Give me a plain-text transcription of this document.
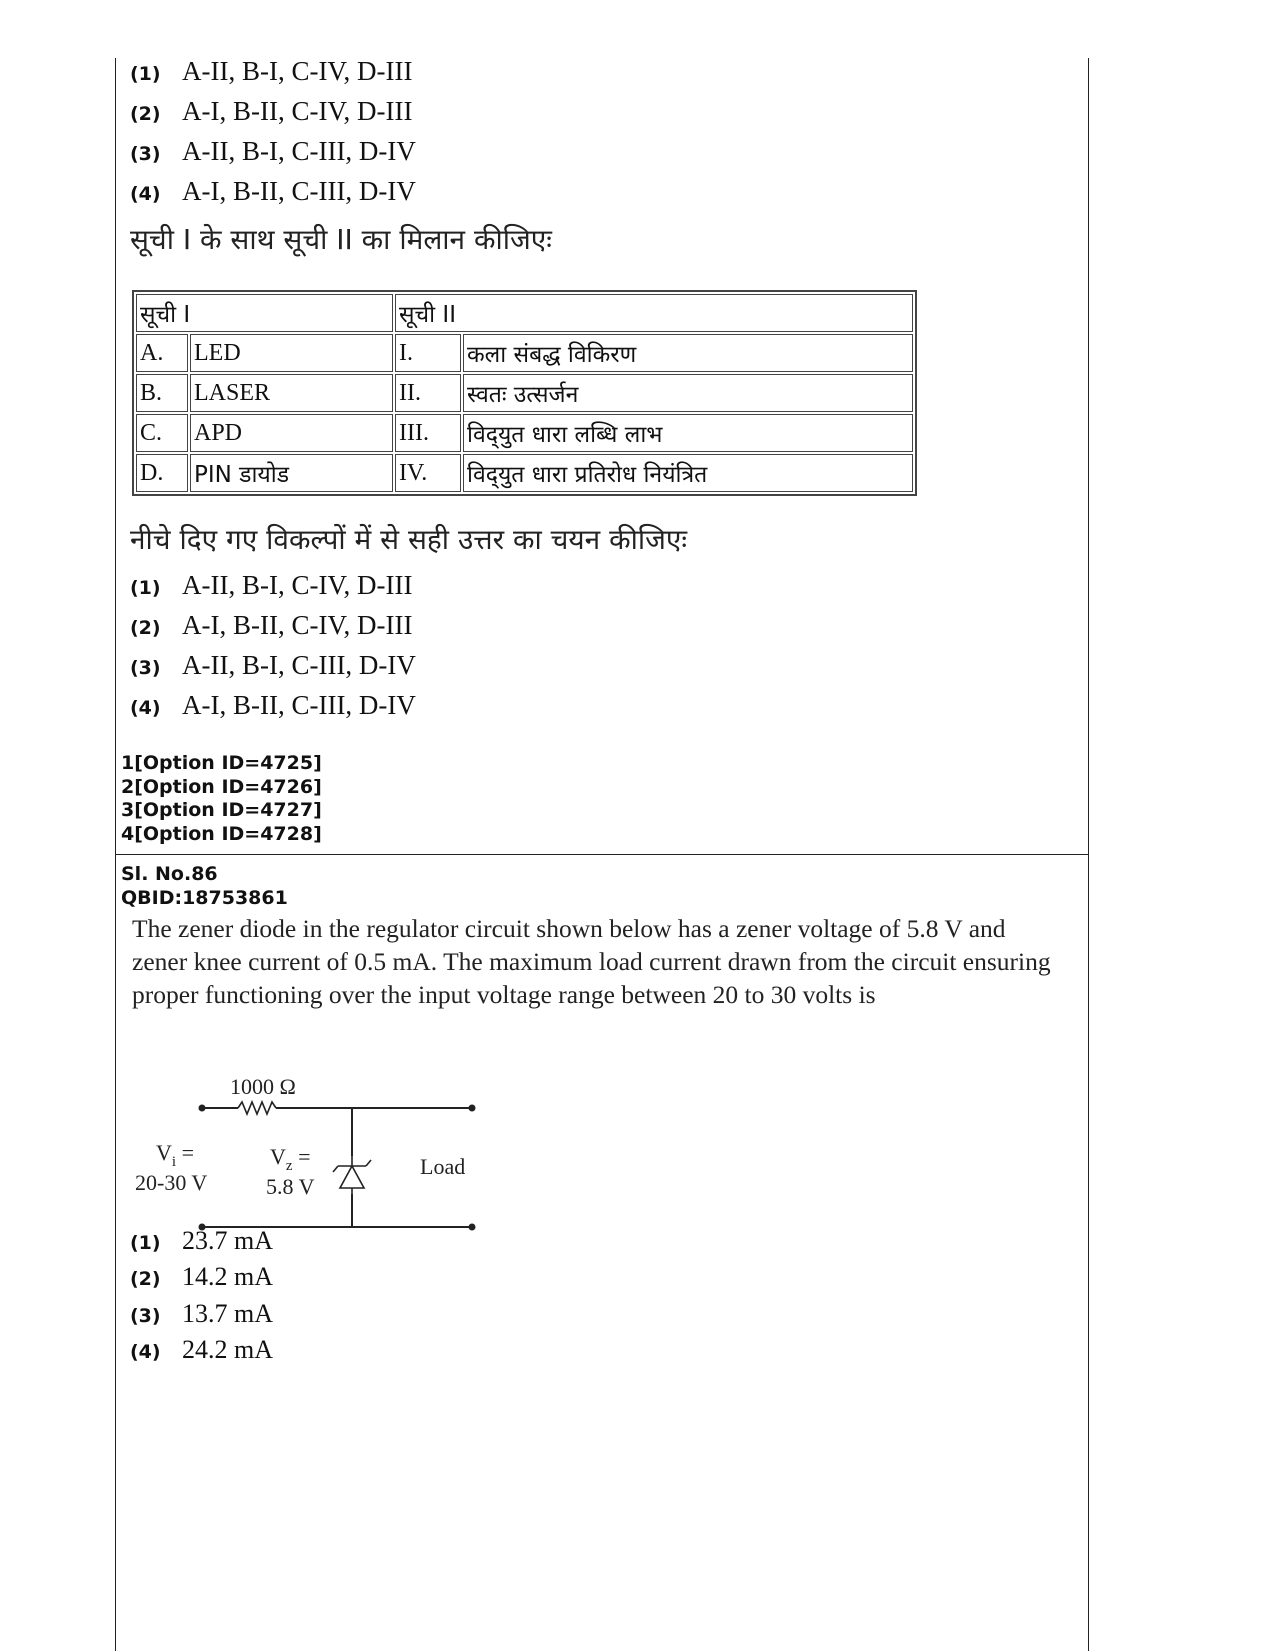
(1) A-II, B-I, C-IV, D-III
(2) A-I, B-II, C-IV, D-III
(3) A-II, B-I, C-III, D-IV
(4) A-I, B-II, C-III, D-IV
सूची I के साथ सूची II का मिलान कीजिएः
सूची I		सूची II	
A.	LED	I.	कला संबद्ध विकिरण
B.	LASER	II.	स्वतः उत्सर्जन
C.	APD	III.	विद्‌युत धारा लब्धि लाभ
D.	PIN डायोड	IV.	विद्‌युत धारा प्रतिरोध नियंत्रित
नीचे दिए गए विकल्पों में से सही उत्तर का चयन कीजिएः
(1) A-II, B-I, C-IV, D-III
(2) A-I, B-II, C-IV, D-III
(3) A-II, B-I, C-III, D-IV
(4) A-I, B-II, C-III, D-IV
1[Option ID=4725]
2[Option ID=4726]
3[Option ID=4727]
4[Option ID=4728]
Sl. No.86
QBID:18753861
The zener diode in the regulator circuit shown below has a zener voltage of 5.8 V and zener knee current of 0.5 mA. The maximum load current drawn from the circuit ensuring proper functioning over the input voltage range between 20 to 30 volts is
1000 Ω
$V_i$ =
20-30 V
$V_z$ =
5.8 V
Load
(1) 23.7 mA
(2) 14.2 mA
(3) 13.7 mA
(4) 24.2 mA
